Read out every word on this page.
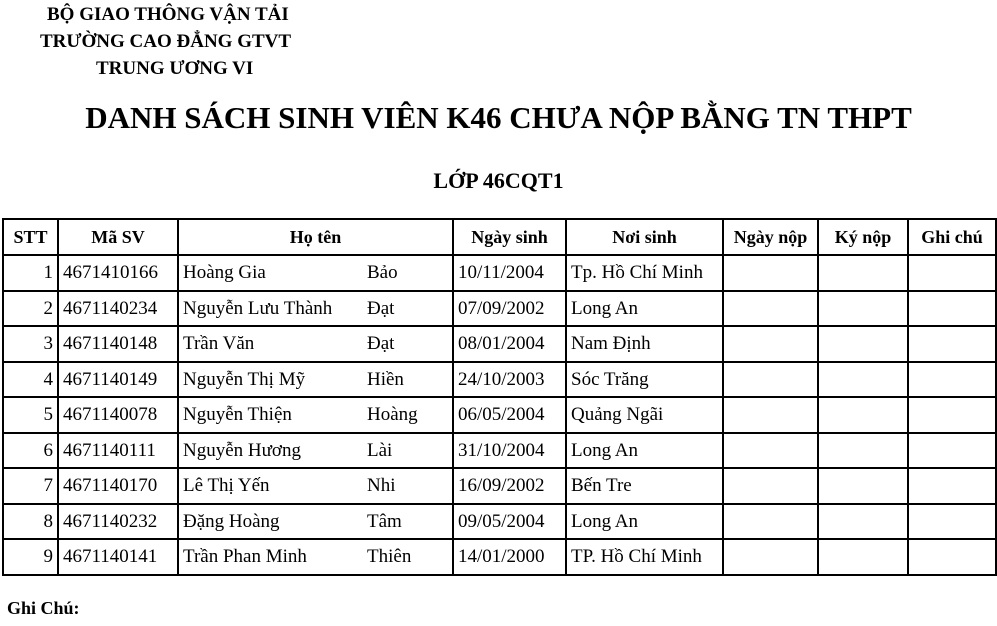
BỘ GIAO THÔNG VẬN TẢI
TRƯỜNG CAO ĐẲNG GTVT
TRUNG ƯƠNG VI
DANH SÁCH SINH VIÊN K46 CHƯA NỘP BẰNG TN THPT
LỚP 46CQT1
STT	Mã SV	Họ tên	Ngày sinh	Nơi sinh	Ngày nộp	Ký nộp	Ghi chú
1	4671410166	Hoàng Gia Bảo	10/11/2004	Tp. Hồ Chí Minh			
2	4671140234	Nguyễn Lưu Thành Đạt	07/09/2002	Long An			
3	4671140148	Trần Văn Đạt	08/01/2004	Nam Định			
4	4671140149	Nguyễn Thị Mỹ Hiền	24/10/2003	Sóc Trăng			
5	4671140078	Nguyễn Thiện Hoàng	06/05/2004	Quảng Ngãi			
6	4671140111	Nguyễn Hương Lài	31/10/2004	Long An			
7	4671140170	Lê Thị Yến Nhi	16/09/2002	Bến Tre			
8	4671140232	Đặng Hoàng Tâm	09/05/2004	Long An			
9	4671140141	Trần Phan Minh Thiên	14/01/2000	TP. Hồ Chí Minh			
Ghi Chú:
